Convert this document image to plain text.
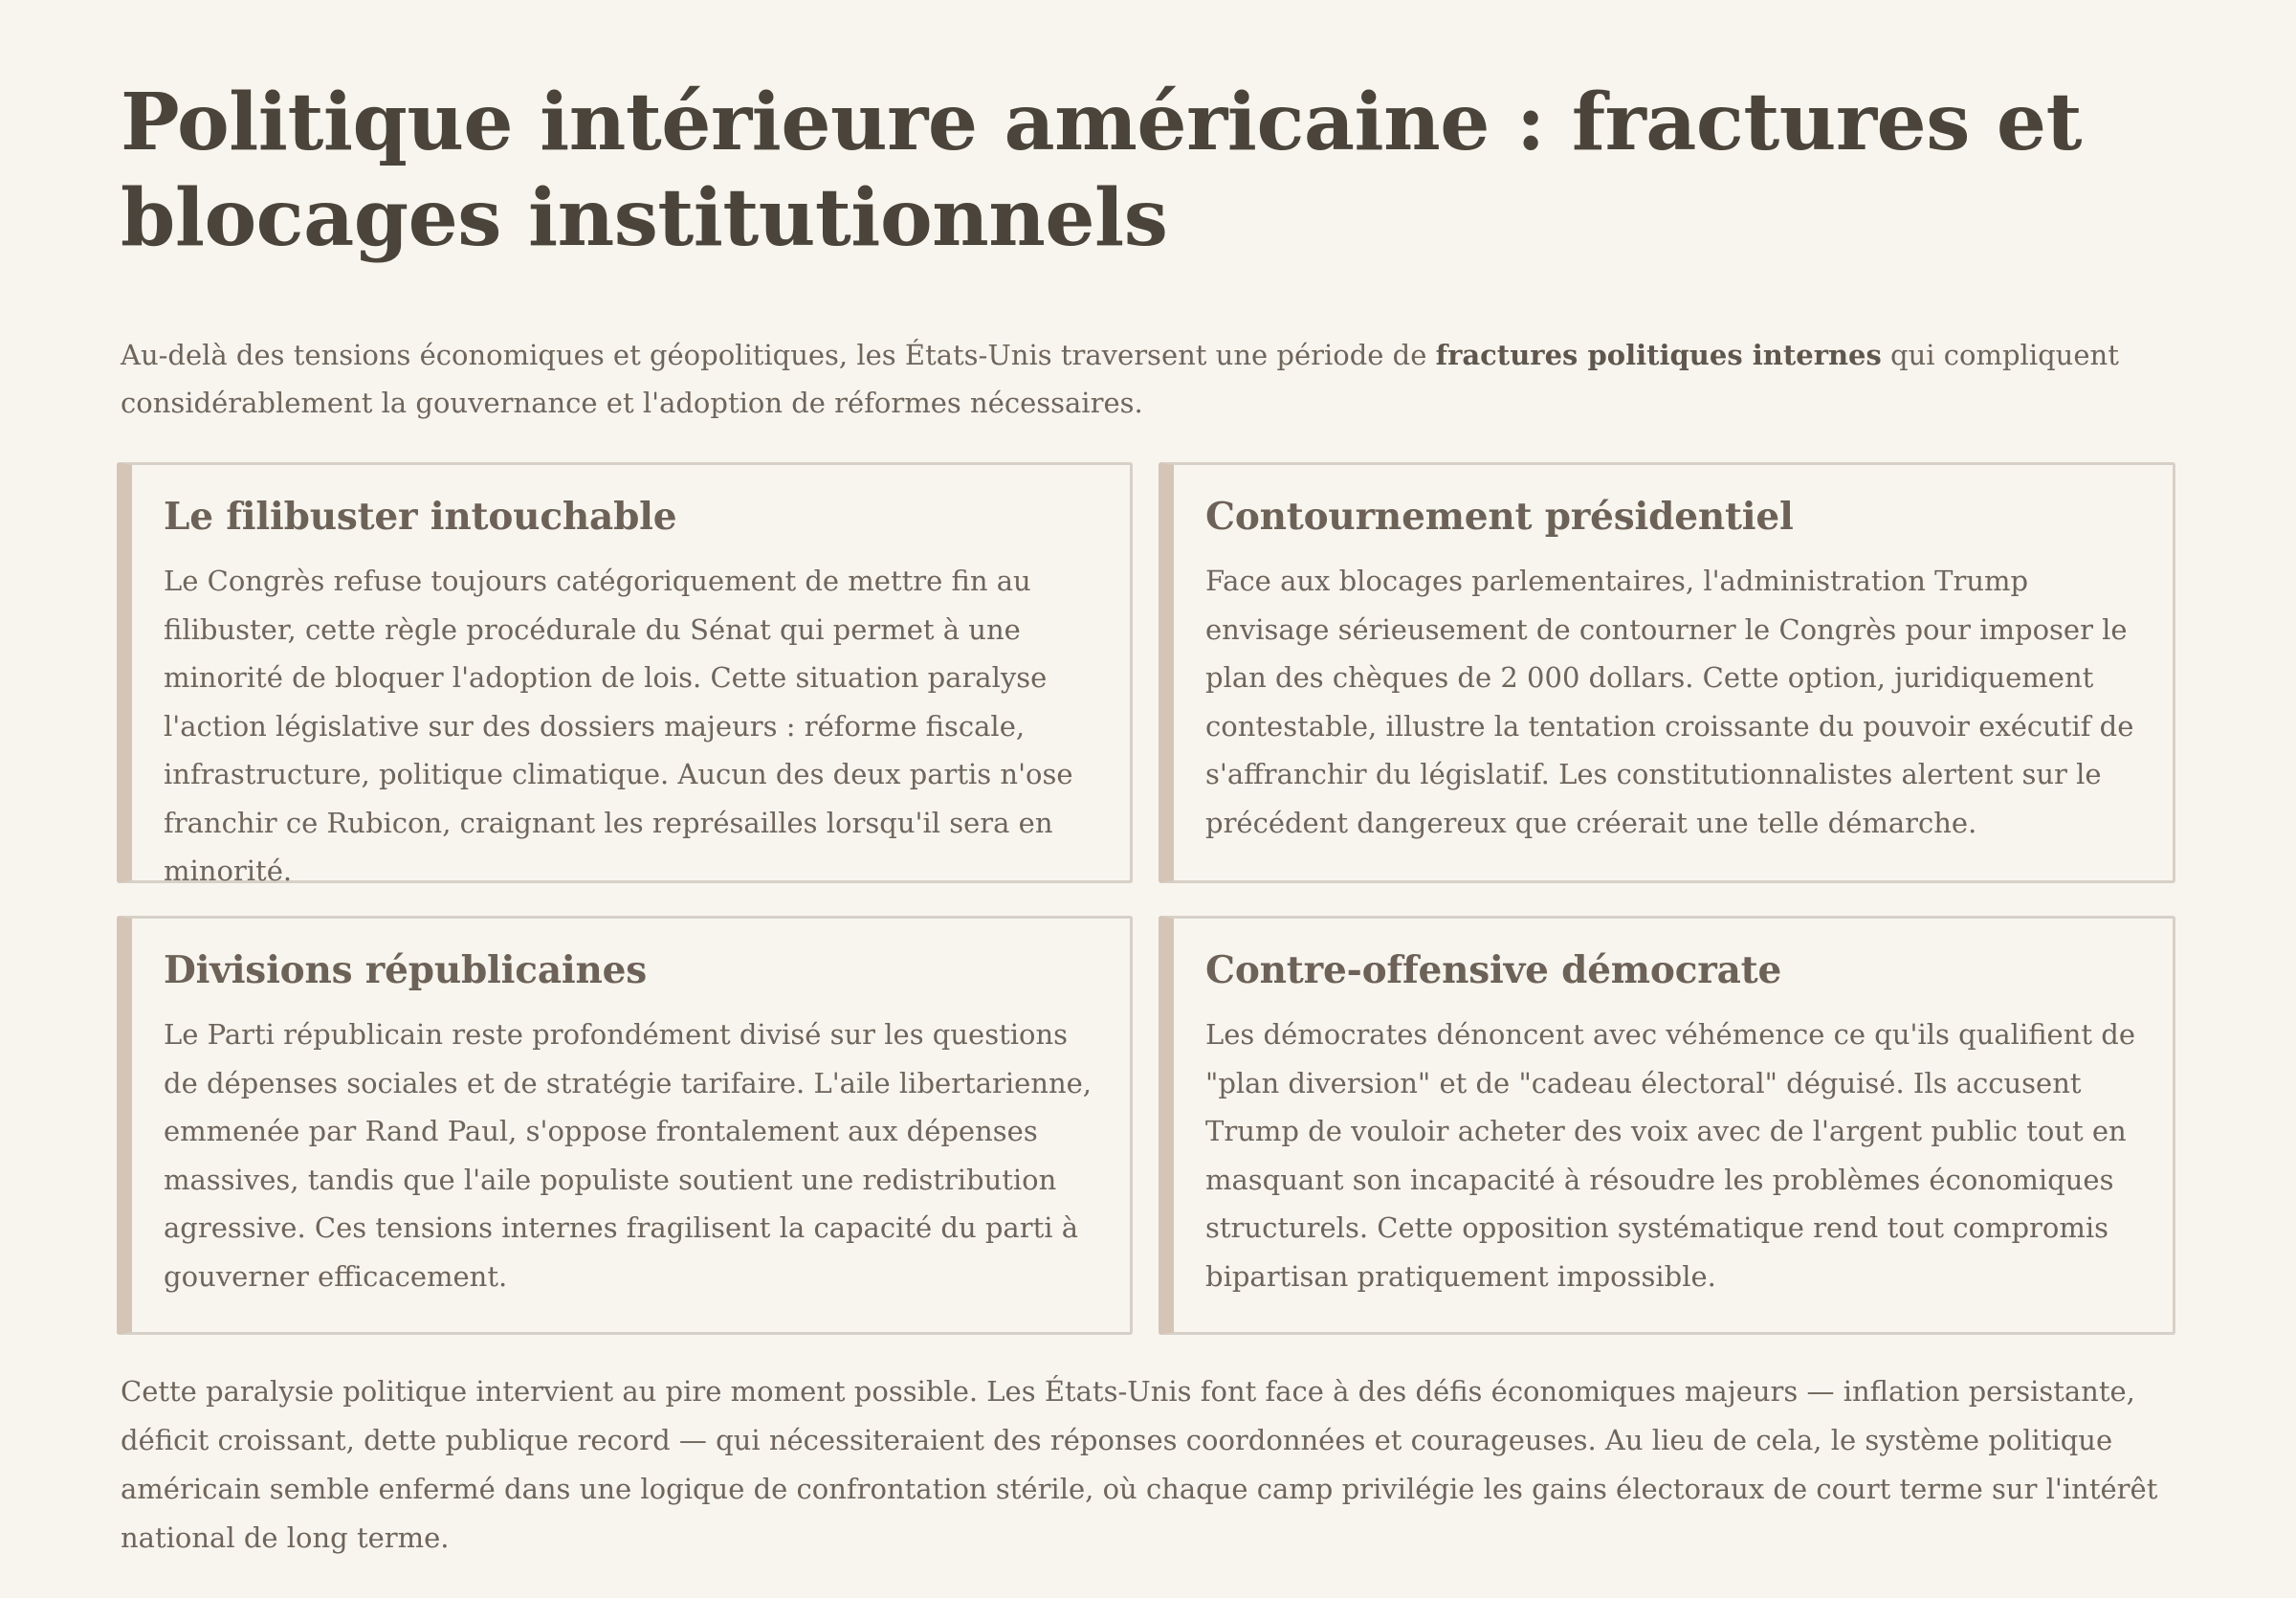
Politique intérieure américaine : fractures et blocages institutionnels

Au-delà des tensions économiques et géopolitiques, les États-Unis traversent une période de fractures politiques internes qui compliquent considérablement la gouvernance et l'adoption de réformes nécessaires.

Le filibuster intouchable

Le Congrès refuse toujours catégoriquement de mettre fin au filibuster, cette règle procédurale du Sénat qui permet à une minorité de bloquer l'adoption de lois. Cette situation paralyse l'action législative sur des dossiers majeurs : réforme fiscale, infrastructure, politique climatique. Aucun des deux partis n'ose franchir ce Rubicon, craignant les représailles lorsqu'il sera en minorité.

Contournement présidentiel

Face aux blocages parlementaires, l'administration Trump envisage sérieusement de contourner le Congrès pour imposer le plan des chèques de 2 000 dollars. Cette option, juridiquement contestable, illustre la tentation croissante du pouvoir exécutif de s'affranchir du législatif. Les constitutionnalistes alertent sur le précédent dangereux que créerait une telle démarche.

Divisions républicaines

Le Parti républicain reste profondément divisé sur les questions de dépenses sociales et de stratégie tarifaire. L'aile libertarienne, emmenée par Rand Paul, s'oppose frontalement aux dépenses massives, tandis que l'aile populiste soutient une redistribution agressive. Ces tensions internes fragilisent la capacité du parti à gouverner efficacement.

Contre-offensive démocrate

Les démocrates dénoncent avec véhémence ce qu'ils qualifient de "plan diversion" et de "cadeau électoral" déguisé. Ils accusent Trump de vouloir acheter des voix avec de l'argent public tout en masquant son incapacité à résoudre les problèmes économiques structurels. Cette opposition systématique rend tout compromis bipartisan pratiquement impossible.

Cette paralysie politique intervient au pire moment possible. Les États-Unis font face à des défis économiques majeurs — inflation persistante, déficit croissant, dette publique record — qui nécessiteraient des réponses coordonnées et courageuses. Au lieu de cela, le système politique américain semble enfermé dans une logique de confrontation stérile, où chaque camp privilégie les gains électoraux de court terme sur l'intérêt national de long terme.
